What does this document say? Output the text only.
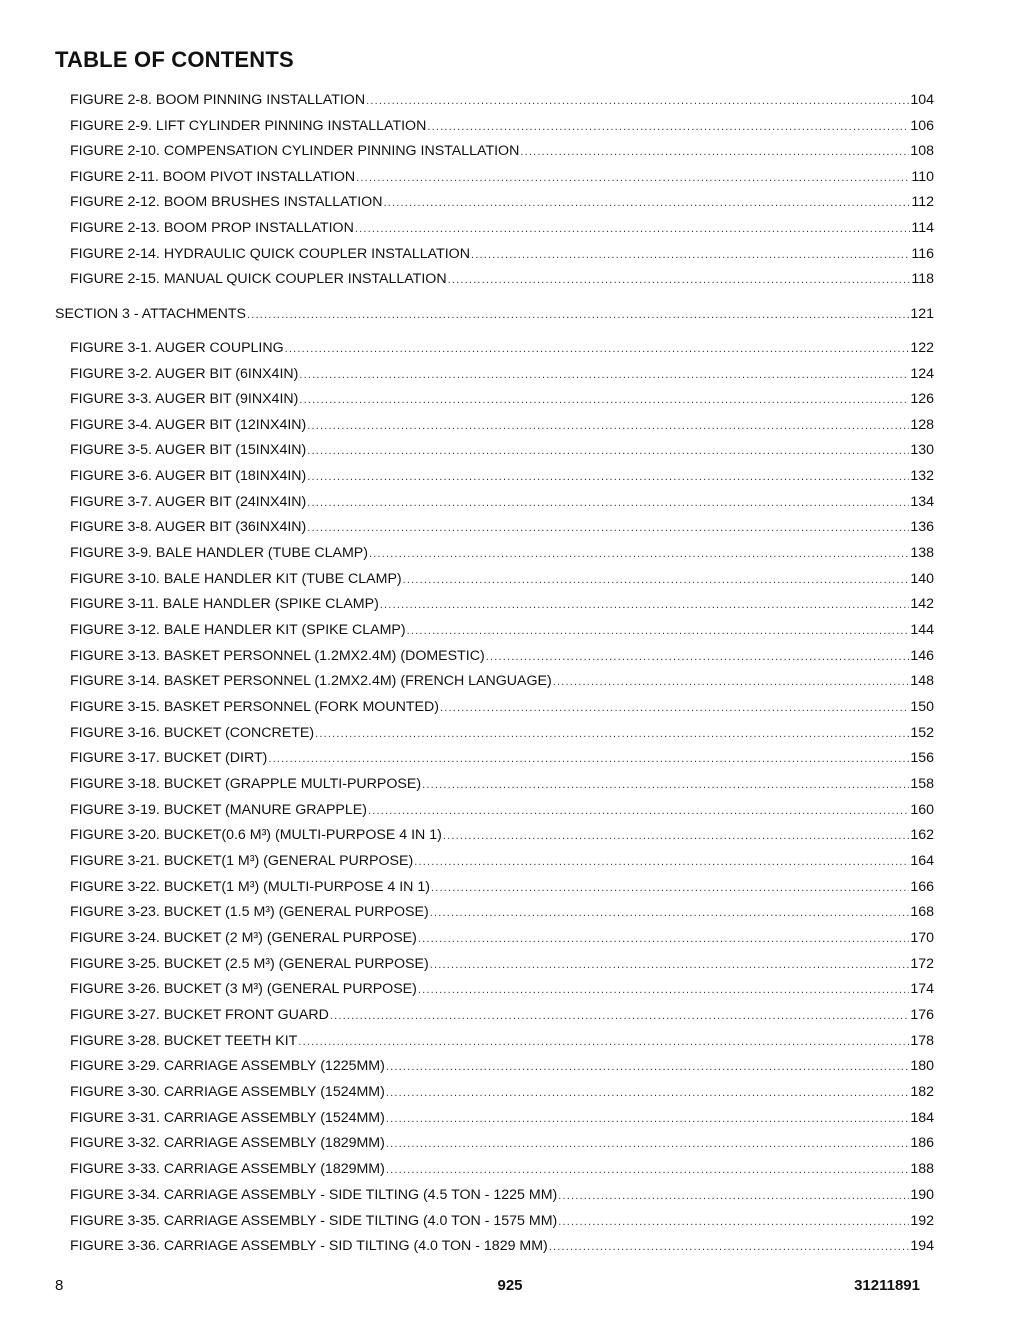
TABLE OF CONTENTS
FIGURE 2-8. BOOM PINNING INSTALLATION .....	104
FIGURE 2-9. LIFT CYLINDER PINNING INSTALLATION .....	106
FIGURE 2-10. COMPENSATION CYLINDER PINNING INSTALLATION .....	108
FIGURE 2-11. BOOM PIVOT INSTALLATION .....	110
FIGURE 2-12. BOOM BRUSHES INSTALLATION .....	112
FIGURE 2-13. BOOM PROP INSTALLATION .....	114
FIGURE 2-14. HYDRAULIC QUICK COUPLER INSTALLATION .....	116
FIGURE 2-15. MANUAL QUICK COUPLER INSTALLATION .....	118
SECTION 3 - ATTACHMENTS .....	121
FIGURE 3-1. AUGER COUPLING .....	122
FIGURE 3-2. AUGER BIT (6INX4IN) .....	124
FIGURE 3-3. AUGER BIT (9INX4IN) .....	126
FIGURE 3-4. AUGER BIT (12INX4IN) .....	128
FIGURE 3-5. AUGER BIT (15INX4IN) .....	130
FIGURE 3-6. AUGER BIT (18INX4IN) .....	132
FIGURE 3-7. AUGER BIT (24INX4IN) .....	134
FIGURE 3-8. AUGER BIT (36INX4IN) .....	136
FIGURE 3-9. BALE HANDLER (TUBE CLAMP) .....	138
FIGURE 3-10. BALE HANDLER KIT (TUBE CLAMP) .....	140
FIGURE 3-11. BALE HANDLER (SPIKE CLAMP) .....	142
FIGURE 3-12. BALE HANDLER KIT (SPIKE CLAMP) .....	144
FIGURE 3-13. BASKET PERSONNEL (1.2MX2.4M) (DOMESTIC) .....	146
FIGURE 3-14. BASKET PERSONNEL (1.2MX2.4M) (FRENCH LANGUAGE) .....	148
FIGURE 3-15. BASKET PERSONNEL (FORK MOUNTED) .....	150
FIGURE 3-16. BUCKET (CONCRETE) .....	152
FIGURE 3-17. BUCKET (DIRT) .....	156
FIGURE 3-18. BUCKET (GRAPPLE MULTI-PURPOSE) .....	158
FIGURE 3-19. BUCKET (MANURE GRAPPLE) .....	160
FIGURE 3-20. BUCKET(0.6 M³) (MULTI-PURPOSE 4 IN 1) .....	162
FIGURE 3-21. BUCKET(1 M³) (GENERAL PURPOSE) .....	164
FIGURE 3-22. BUCKET(1 M³) (MULTI-PURPOSE 4 IN 1) .....	166
FIGURE 3-23. BUCKET (1.5 M³) (GENERAL PURPOSE) .....	168
FIGURE 3-24. BUCKET (2 M³) (GENERAL PURPOSE) .....	170
FIGURE 3-25. BUCKET (2.5 M³) (GENERAL PURPOSE) .....	172
FIGURE 3-26. BUCKET (3 M³) (GENERAL PURPOSE) .....	174
FIGURE 3-27. BUCKET FRONT GUARD .....	176
FIGURE 3-28. BUCKET TEETH KIT .....	178
FIGURE 3-29. CARRIAGE ASSEMBLY (1225MM) .....	180
FIGURE 3-30. CARRIAGE ASSEMBLY (1524MM) .....	182
FIGURE 3-31. CARRIAGE ASSEMBLY (1524MM) .....	184
FIGURE 3-32. CARRIAGE ASSEMBLY (1829MM) .....	186
FIGURE 3-33. CARRIAGE ASSEMBLY (1829MM) .....	188
FIGURE 3-34. CARRIAGE ASSEMBLY - SIDE TILTING (4.5 TON - 1225 MM) .....	190
FIGURE 3-35. CARRIAGE ASSEMBLY - SIDE TILTING (4.0 TON - 1575 MM) .....	192
FIGURE 3-36. CARRIAGE ASSEMBLY - SID TILTING (4.0 TON - 1829 MM) .....	194
8	925	31211891
